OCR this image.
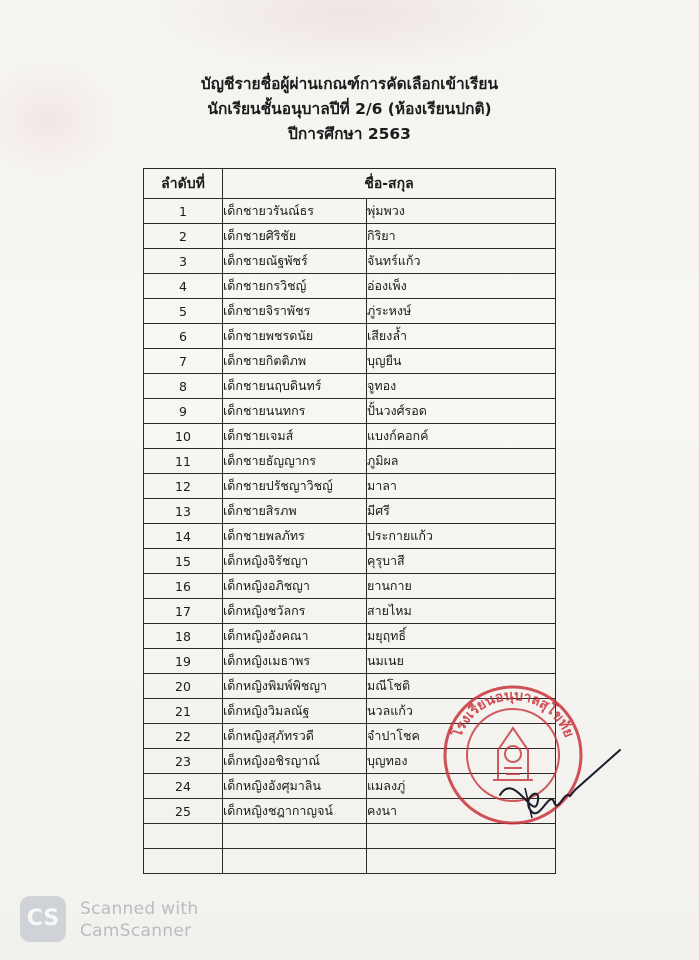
บัญชีรายชื่อผู้ผ่านเกณฑ์การคัดเลือกเข้าเรียน
นักเรียนชั้นอนุบาลปีที่ 2/6 (ห้องเรียนปกติ)
ปีการศึกษา 2563
ลำดับที่	ชื่อ-สกุล	
1	เด็กชายวรันณ์ธร	พุ่มพวง
2	เด็กชายศิริชัย	กิริยา
3	เด็กชายณัฐพัชร์	จันทร์แก้ว
4	เด็กชายกรวิชญ์	อ่องเพ็ง
5	เด็กชายจิราพัชร	ภู่ระหงษ์
6	เด็กชายพชรดนัย	เสียงล้ำ
7	เด็กชายกิตติภพ	บุญยืน
8	เด็กชายนฤบดินทร์	จูทอง
9	เด็กชายนนทกร	ปั้นวงศ์รอด
10	เด็กชายเจมส์	แบงก์คอกค์
11	เด็กชายธัญญากร	ภูมิผล
12	เด็กชายปรัชญาวิชญ์	มาลา
13	เด็กชายสิรภพ	มีศรี
14	เด็กชายพลภัทร	ประกายแก้ว
15	เด็กหญิงจิรัชญา	คุรุบาสี
16	เด็กหญิงอภิชญา	ยานกาย
17	เด็กหญิงชวัลกร	สายไหม
18	เด็กหญิงอังคณา	มยุฤทธิ์
19	เด็กหญิงเมธาพร	นมเนย
20	เด็กหญิงพิมพ์พิชญา	มณีโชติ
21	เด็กหญิงวิมลณัฐ	นวลแก้ว
22	เด็กหญิงสุภัทรวดี	จำปาโชค
23	เด็กหญิงอชิรญาณ์	บุญทอง
24	เด็กหญิงอังศุมาลิน	แมลงภู่
25	เด็กหญิงชฎากาญจน์	คงนา

โรงเรียนอนุบาลสุโขทัย
· · · · · · · · · · · · · · ·
CS	Scanned with
CamScanner
